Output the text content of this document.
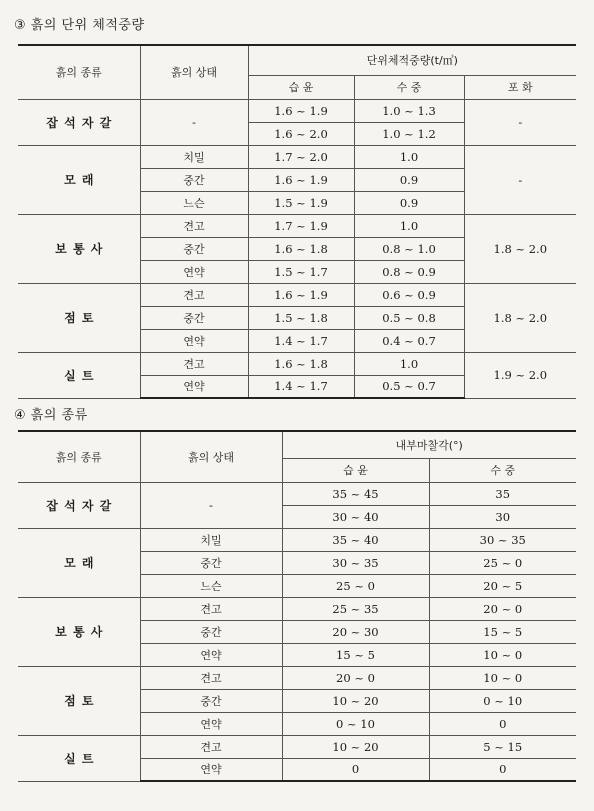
③ 흙의 단위 체적중량
흙의 종류	흙의 상태	단위체적중량(t/㎥)		
		습 윤	수 중	포 화
잡 석 자 갈	-	1.6 ~ 1.9	1.0 ~ 1.3	-
		1.6 ~ 2.0	1.0 ~ 1.2	
모 래	치밀	1.7 ~ 2.0	1.0	-
	중간	1.6 ~ 1.9	0.9	
	느슨	1.5 ~ 1.9	0.9	
보 통 사	견고	1.7 ~ 1.9	1.0	1.8 ~ 2.0
	중간	1.6 ~ 1.8	0.8 ~ 1.0	
	연약	1.5 ~ 1.7	0.8 ~ 0.9	
점 토	견고	1.6 ~ 1.9	0.6 ~ 0.9	1.8 ~ 2.0
	중간	1.5 ~ 1.8	0.5 ~ 0.8	
	연약	1.4 ~ 1.7	0.4 ~ 0.7	
실 트	견고	1.6 ~ 1.8	1.0	1.9 ~ 2.0
	연약	1.4 ~ 1.7	0.5 ~ 0.7	
④ 흙의 종류
흙의 종류	흙의 상태	내부마찰각(°)	
		습 윤	수 중
잡 석 자 갈	-	35 ~ 45	35
		30 ~ 40	30
모 래	치밀	35 ~ 40	30 ~ 35
	중간	30 ~ 35	25 ~ 0
	느슨	25 ~ 0	20 ~ 5
보 통 사	견고	25 ~ 35	20 ~ 0
	중간	20 ~ 30	15 ~ 5
	연약	15 ~ 5	10 ~ 0
점 토	견고	20 ~ 0	10 ~ 0
	중간	10 ~ 20	0 ~ 10
	연약	0 ~ 10	0
실 트	견고	10 ~ 20	5 ~ 15
	연약	0	0
